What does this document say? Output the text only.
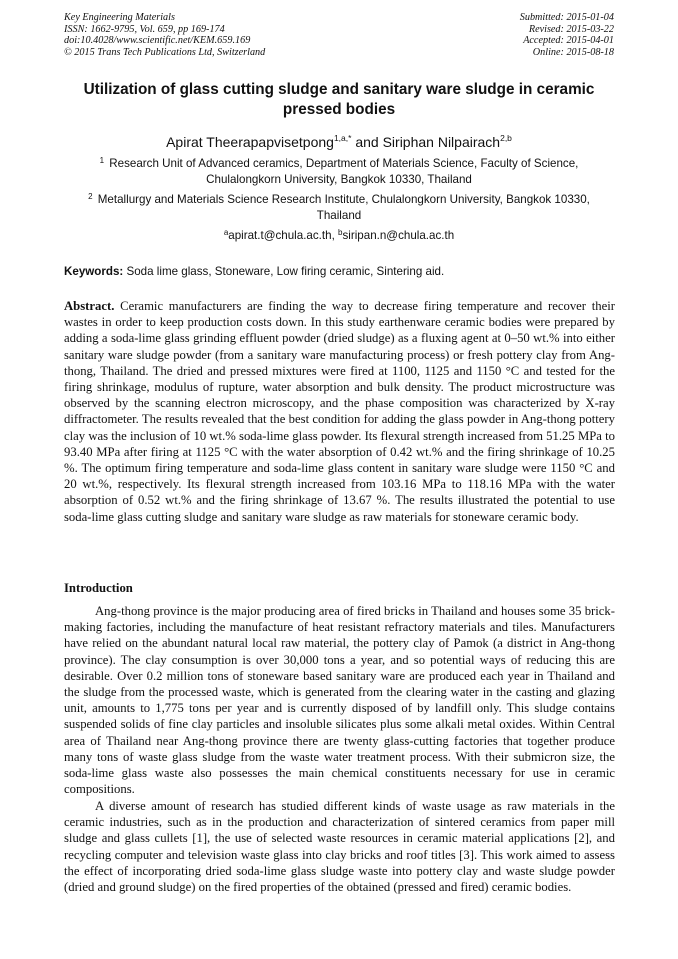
Key Engineering Materials
ISSN: 1662-9795, Vol. 659, pp 169-174
doi:10.4028/www.scientific.net/KEM.659.169
© 2015 Trans Tech Publications Ltd, Switzerland
Submitted: 2015-01-04
Revised: 2015-03-22
Accepted: 2015-04-01
Online: 2015-08-18
Utilization of glass cutting sludge and sanitary ware sludge in ceramic pressed bodies
Apirat Theerapapvisetpong$^{1,a,*}$ and Siriphan Nilpairach$^{2,b}$
$^1$ Research Unit of Advanced ceramics, Department of Materials Science, Faculty of Science, Chulalongkorn University, Bangkok 10330, Thailand
$^2$ Metallurgy and Materials Science Research Institute, Chulalongkorn University, Bangkok 10330, Thailand
$^a$apirat.t@chula.ac.th, $^b$siripan.n@chula.ac.th
Keywords: Soda lime glass, Stoneware, Low firing ceramic, Sintering aid.
Abstract. Ceramic manufacturers are finding the way to decrease firing temperature and recover their wastes in order to keep production costs down. In this study earthenware ceramic bodies were prepared by adding a soda-lime glass grinding effluent powder (dried sludge) as a fluxing agent at 0–50 wt.% into either sanitary ware sludge powder (from a sanitary ware manufacturing process) or fresh pottery clay from Ang-thong, Thailand. The dried and pressed mixtures were fired at 1100, 1125 and 1150 °C and tested for the firing shrinkage, modulus of rupture, water absorption and bulk density. The product microstructure was observed by the scanning electron microscopy, and the phase composition was characterized by X-ray diffractometer. The results revealed that the best condition for adding the glass powder in Ang-thong pottery clay was the inclusion of 10 wt.% soda-lime glass powder. Its flexural strength increased from 51.25 MPa to 93.40 MPa after firing at 1125 °C with the water absorption of 0.42 wt.% and the firing shrinkage of 10.25 %. The optimum firing temperature and soda-lime glass content in sanitary ware sludge were 1150 °C and 20 wt.%, respectively. Its flexural strength increased from 103.16 MPa to 118.16 MPa with the water absorption of 0.52 wt.% and the firing shrinkage of 13.67 %. The results illustrated the potential to use soda-lime glass cutting sludge and sanitary ware sludge as raw materials for stoneware ceramic body.
Introduction
Ang-thong province is the major producing area of fired bricks in Thailand and houses some 35 brick-making factories, including the manufacture of heat resistant refractory materials and tiles. Manufacturers have relied on the abundant natural local raw material, the pottery clay of Pamok (a district in Ang-thong province). The clay consumption is over 30,000 tons a year, and so potential ways of reducing this are desirable. Over 0.2 million tons of stoneware based sanitary ware are produced each year in Thailand and the sludge from the processed waste, which is generated from the clearing water in the casting and glazing unit, amounts to 1,775 tons per year and is currently disposed of by landfill only. This sludge contains suspended solids of fine clay particles and insoluble silicates plus some alkali metal oxides. Within Central area of Thailand near Ang-thong province there are twenty glass-cutting factories that together produce many tons of waste glass sludge from the waste water treatment process. With their submicron size, the soda-lime glass waste also possesses the main chemical constituents necessary for use in ceramic compositions.
A diverse amount of research has studied different kinds of waste usage as raw materials in the ceramic industries, such as in the production and characterization of sintered ceramics from paper mill sludge and glass cullets [1], the use of selected waste resources in ceramic material applications [2], and recycling computer and television waste glass into clay bricks and roof titles [3]. This work aimed to assess the effect of incorporating dried soda-lime glass sludge waste into pottery clay and waste sludge powder (dried and ground sludge) on the fired properties of the obtained (pressed and fired) ceramic bodies.
